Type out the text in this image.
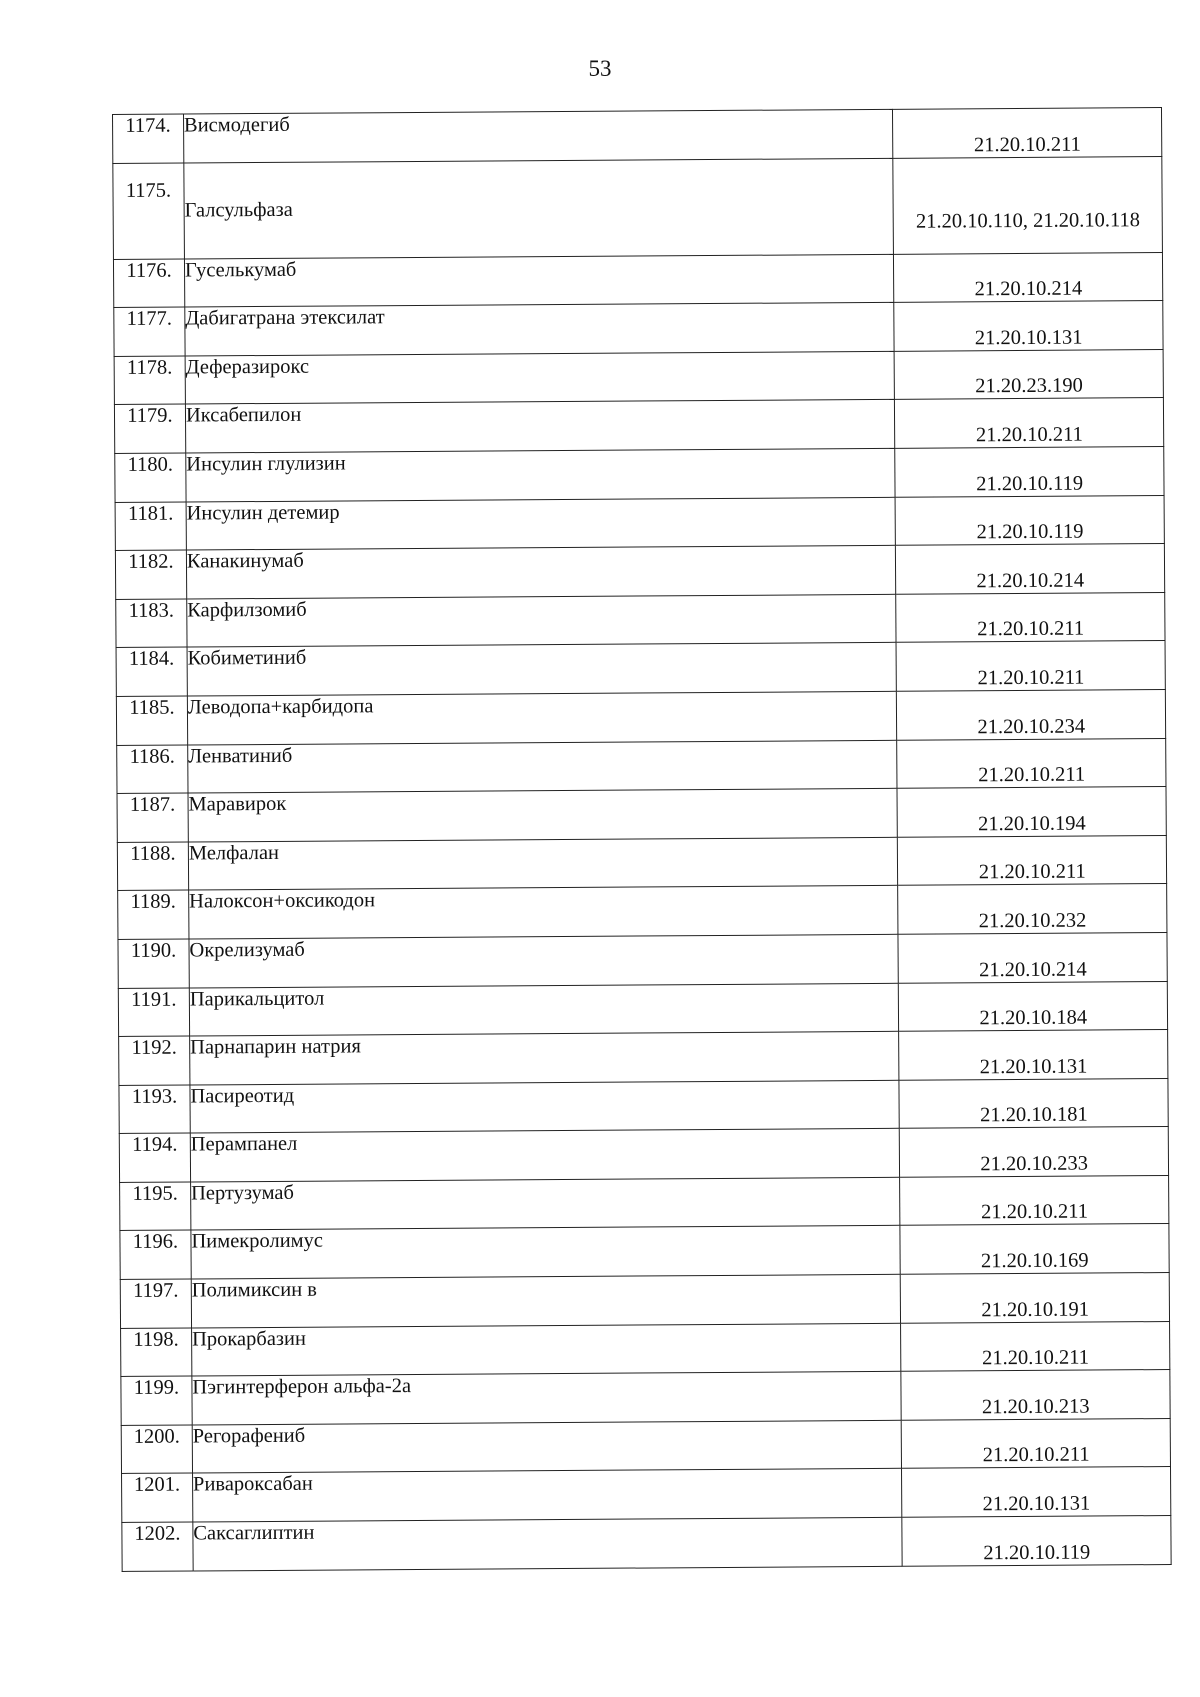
53
1174.	Висмодегиб	21.20.10.211
1175.	Галсульфаза	21.20.10.110, 21.20.10.118
1176.	Гуселькумаб	21.20.10.214
1177.	Дабигатрана этексилат	21.20.10.131
1178.	Деферазирокс	21.20.23.190
1179.	Иксабепилон	21.20.10.211
1180.	Инсулин глулизин	21.20.10.119
1181.	Инсулин детемир	21.20.10.119
1182.	Канакинумаб	21.20.10.214
1183.	Карфилзомиб	21.20.10.211
1184.	Кобиметиниб	21.20.10.211
1185.	Леводопа+карбидопа	21.20.10.234
1186.	Ленватиниб	21.20.10.211
1187.	Маравирок	21.20.10.194
1188.	Мелфалан	21.20.10.211
1189.	Налоксон+оксикодон	21.20.10.232
1190.	Окрелизумаб	21.20.10.214
1191.	Парикальцитол	21.20.10.184
1192.	Парнапарин натрия	21.20.10.131
1193.	Пасиреотид	21.20.10.181
1194.	Перампанел	21.20.10.233
1195.	Пертузумаб	21.20.10.211
1196.	Пимекролимус	21.20.10.169
1197.	Полимиксин в	21.20.10.191
1198.	Прокарбазин	21.20.10.211
1199.	Пэгинтерферон альфа-2а	21.20.10.213
1200.	Регорафениб	21.20.10.211
1201.	Ривароксабан	21.20.10.131
1202.	Саксаглиптин	21.20.10.119
